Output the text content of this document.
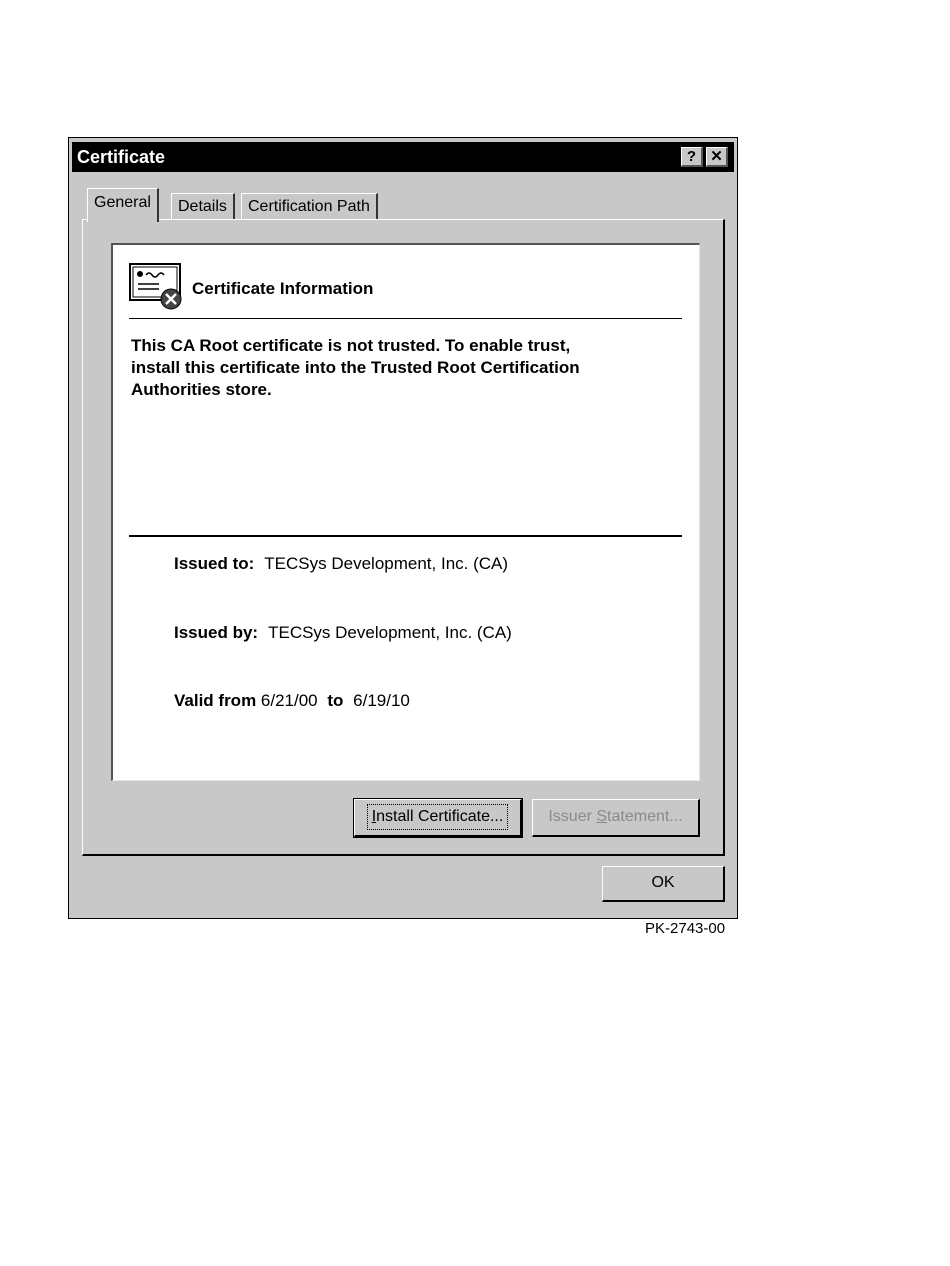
Certificate	? ✕
General	Details	Certification Path
Certificate Information
This CA Root certificate is not trusted. To enable trust, install this certificate into the Trusted Root Certification Authorities store.
Issued to: TECSys Development, Inc. (CA)
Issued by: TECSys Development, Inc. (CA)
Valid from 6/21/00 to 6/19/10
Install Certificate...	Issuer Statement...
OK
PK-2743-00
